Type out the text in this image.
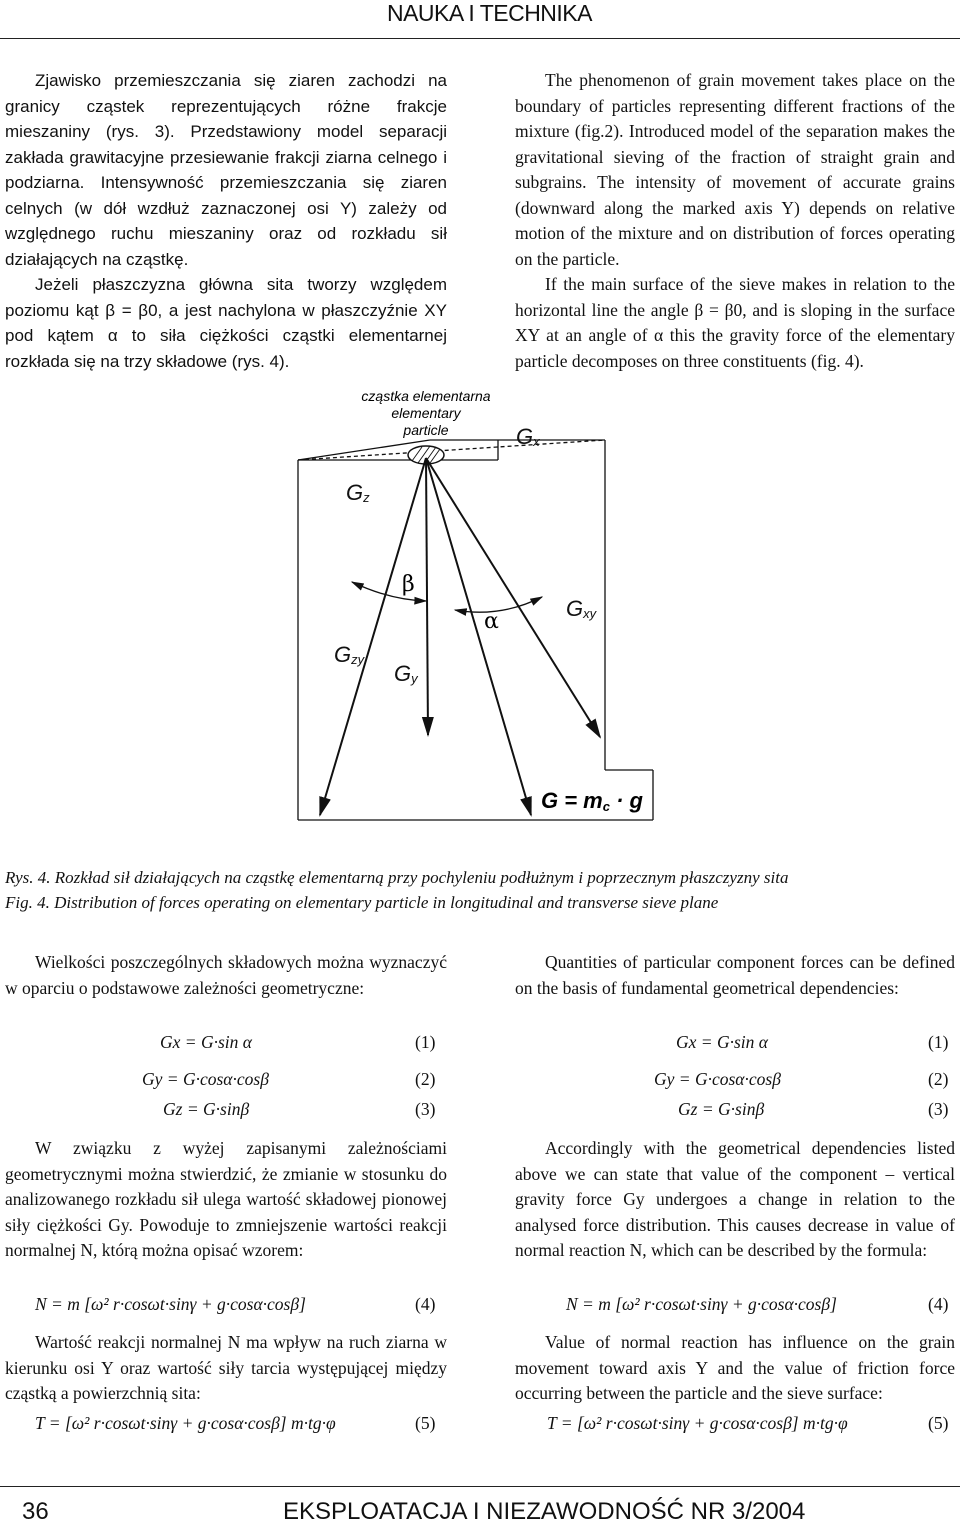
NAUKA I TECHNIKA

Zjawisko przemieszczania się ziaren zachodzi na granicy cząstek reprezentujących różne frakcje mieszaniny (rys. 3). Przedstawiony model separacji zakłada grawitacyjne przesiewanie frakcji ziarna celnego i podziarna. Intensywność przemieszczania się ziaren celnych (w dół wzdłuż zaznaczonej osi Y) zależy od względnego ruchu mieszaniny oraz od rozkładu sił działających na cząstkę.

Jeżeli płaszczyzna główna sita tworzy względem poziomu kąt β = β0, a jest nachylona w płaszczyźnie XY pod kątem α to siła ciężkości cząstki elementarnej rozkłada się na trzy składowe (rys. 4).

The phenomenon of grain movement takes place on the boundary of particles representing different fractions of the mixture (fig.2). Introduced model of the separation makes the gravitational sieving of the fraction of straight grain and subgrains. The intensity of movement of accurate grains (downward along the marked axis Y) depends on relative motion of the mixture and on distribution of forces operating on the particle.

If the main surface of the sieve makes in relation to the horizontal line the angle β = β0, and is sloping in the surface XY at an angle of α this the gravity force of the elementary particle decomposes on three constituents (fig. 4).

cząstka elementarna
elementary
particle	Gx
Gz
Gzy
Gy
Gxy
β
α
G = mc · g
Rys. 4. Rozkład sił działających na cząstkę elementarną przy pochyleniu podłużnym i poprzecznym płaszczyzny sita
Fig. 4. Distribution of forces operating on elementary particle in longitudinal and transverse sieve plane

Wielkości poszczególnych składowych można wyznaczyć w oparciu o podstawowe zależności geometryczne:

Gx = G·sin α	(1)
Gy = G·cosα·cosβ	(2)
Gz = G·sinβ	(3)

W związku z wyżej zapisanymi zależnościami geometrycznymi można stwierdzić, że zmianie w stosunku do analizowanego rozkładu sił ulega wartość składowej pionowej siły ciężkości Gy. Powoduje to zmniejszenie wartości reakcji normalnej N, którą można opisać wzorem:

N = m [ω² r·cosωt·sinγ + g·cosα·cosβ]	(4)

Wartość reakcji normalnej N ma wpływ na ruch ziarna w kierunku osi Y oraz wartość siły tarcia występującej między cząstką a powierzchnią sita:

T = [ω² r·cosωt·sinγ + g·cosα·cosβ] m·tg·φ	(5)

Quantities of particular component forces can be defined on the basis of fundamental geometrical dependencies:

Gx = G·sin α	(1)
Gy = G·cosα·cosβ	(2)
Gz = G·sinβ	(3)

Accordingly with the geometrical dependencies listed above we can state that value of the component – vertical gravity force Gy undergoes a change in relation to the analysed force distribution. This causes decrease in value of normal reaction N, which can be described by the formula:

N = m [ω² r·cosωt·sinγ + g·cosα·cosβ]	(4)

Value of normal reaction has influence on the grain movement toward axis Y and the value of friction force occurring between the particle and the sieve surface:

T = [ω² r·cosωt·sinγ + g·cosα·cosβ] m·tg·φ	(5)
36	EKSPLOATACJA I NIEZAWODNOŚĆ NR 3/2004
